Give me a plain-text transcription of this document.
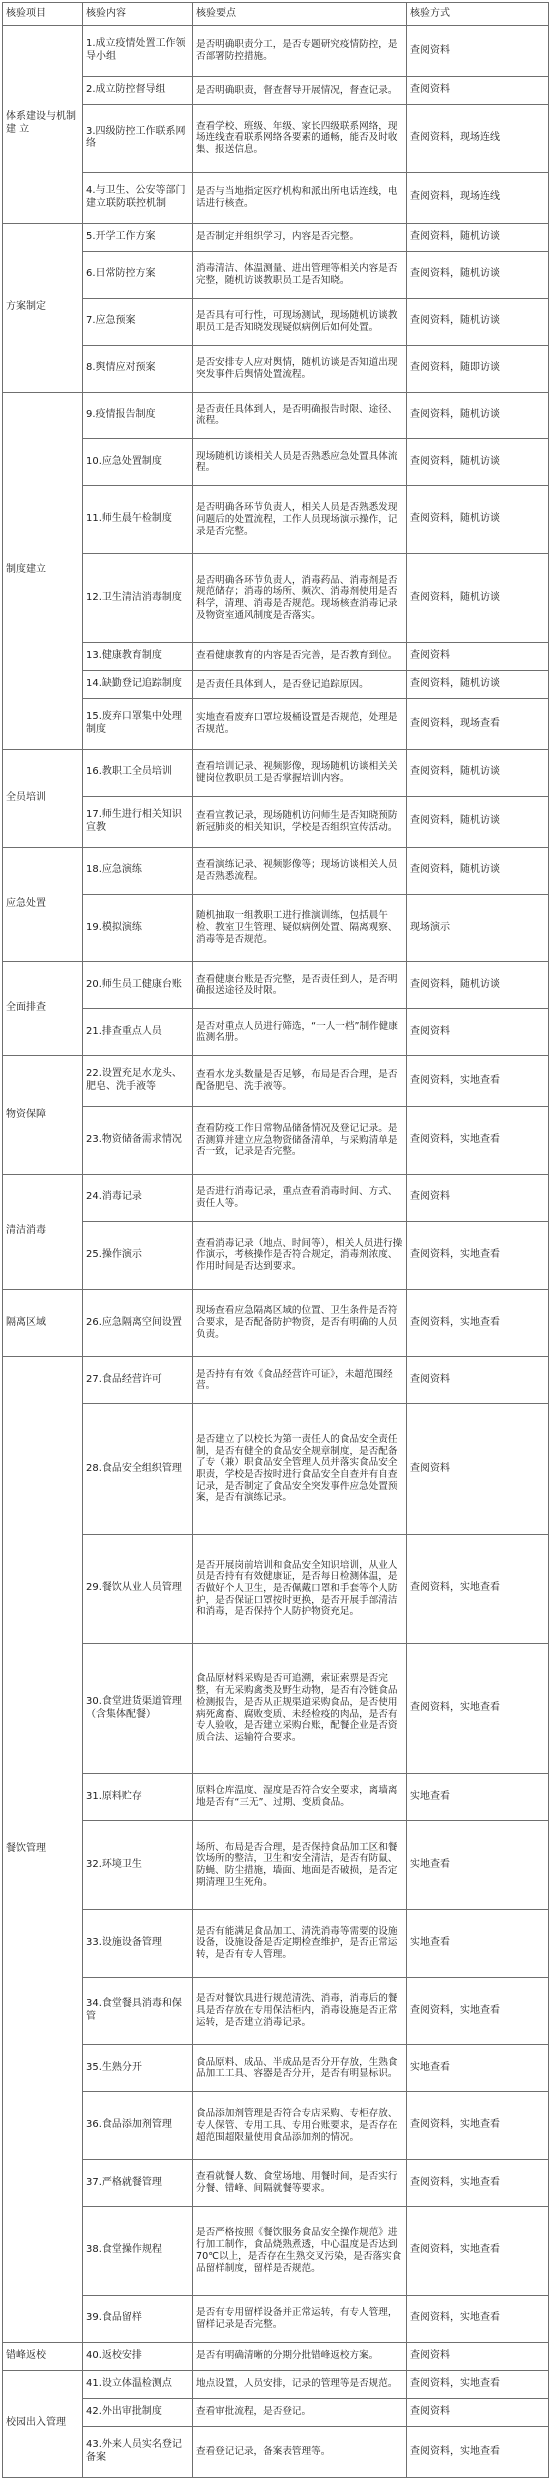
核验项目	核验内容	核验要点	核验方式
体系建设与机制建 立	1.成立疫情处置工作领导小组	是否明确职责分工，是否专题研究疫情防控，是否部署防控措施。	查阅资料
	2.成立防控督导组	是否明确职责，督查督导开展情况，督查记录。	查阅资料
	3.四级防控工作联系网络	查看学校、班级、年级、家长四级联系网络，现场连线查看联系网络各要素的通畅，能否及时收集、报送信息。	查阅资料，现场连线
	4.与卫生、公安等部门建立联防联控机制	是否与当地指定医疗机构和派出所电话连线，电话进行核查。	查阅资料，现场连线
方案制定	5.开学工作方案	是否制定并组织学习，内容是否完整。	查阅资料，随机访谈
	6.日常防控方案	消毒清洁、体温测量、进出管理等相关内容是否完整，随机访谈教职员工是否知晓。	查阅资料，随机访谈
	7.应急预案	是否具有可行性，可现场测试，现场随机访谈教职员工是否知晓发现疑似病例后如何处置。	查阅资料，随机访谈
	8.舆情应对预案	是否安排专人应对舆情，随机访谈是否知道出现突发事件后舆情处置流程。	查阅资料，随即访谈
制度建立	9.疫情报告制度	是否责任具体到人，是否明确报告时限、途径、流程。	查阅资料，随机访谈
	10.应急处置制度	现场随机访谈相关人员是否熟悉应急处置具体流程。	查阅资料，随机访谈
	11.师生晨午检制度	是否明确各环节负责人，相关人员是否熟悉发现问题后的处置流程，工作人员现场演示操作，记录是否完整。	查阅资料，随机访谈
	12.卫生清洁消毒制度	是否明确各环节负责人，消毒药品、消毒剂是否规范储存；消毒的场所、频次、消毒剂使用是否科学，清理、消毒是否规范。现场核查消毒记录及物资室通风制度是否落实。	查阅资料，随机访谈
	13.健康教育制度	查看健康教育的内容是否完善，是否教育到位。	查阅资料
	14.缺勤登记追踪制度	是否责任具体到人，是否登记追踪原因。	查阅资料，随机访谈
	15.废弃口罩集中处理制度	实地查看废弃口罩垃圾桶设置是否规范，处理是否规范。	查阅资料，现场查看
全员培训	16.教职工全员培训	查看培训记录、视频影像，现场随机访谈相关关键岗位教职员工是否掌握培训内容。	查阅资料，随机访谈
	17.师生进行相关知识宣教	查看宣教记录，现场随机访问师生是否知晓预防新冠肺炎的相关知识，学校是否组织宣传活动。	查阅资料，随机访谈
应急处置	18.应急演练	查看演练记录、视频影像等；现场访谈相关人员是否熟悉流程。	查阅资料，随机访谈
	19.模拟演练	随机抽取一组教职工进行推演训练，包括晨午检、教室卫生管理、疑似病例处置、隔离观察、消毒等是否规范。	现场演示
全面排查	20.师生员工健康台账	查看健康台账是否完整，是否责任到人，是否明确报送途径及时限。	查阅资料，随机访谈
	21.排查重点人员	是否对重点人员进行筛选，“一人一档”制作健康监测名册。	查阅资料
物资保障	22.设置充足水龙头、肥皂、洗手液等	查看水龙头数量是否足够，布局是否合理，是否配备肥皂、洗手液等。	查阅资料，实地查看
	23.物资储备需求情况	查看防疫工作日常物品储备情况及登记记录。是否测算并建立应急物资储备清单，与采购清单是否一致，记录是否完整。	查阅资料，实地查看
清洁消毒	24.消毒记录	是否进行消毒记录，重点查看消毒时间、方式、责任人等。	查阅资料
	25.操作演示	查看消毒记录（地点、时间等），相关人员进行操作演示，考核操作是否符合规定，消毒剂浓度、作用时间是否达到要求。	查阅资料，实地查看
隔离区域	26.应急隔离空间设置	现场查看应急隔离区域的位置、卫生条件是否符合要求，是否配备防护物资，是否有明确的人员负责。	查阅资料，实地查看
餐饮管理	27.食品经营许可	是否持有有效《食品经营许可证》，未超范围经营。	查阅资料
	28.食品安全组织管理	是否建立了以校长为第一责任人的食品安全责任制，是否有健全的食品安全规章制度，是否配备了专（兼）职食品安全管理人员并落实食品安全职责，学校是否按时进行食品安全自查并有自查记录，是否制定了食品安全突发事件应急处置预案，是否有演练记录。	查阅资料
	29.餐饮从业人员管理	是否开展岗前培训和食品安全知识培训，从业人员是否持有有效健康证，是否每日检测体温，是否做好个人卫生，是否佩戴口罩和手套等个人防护，是否保证口罩按时更换，是否开展手部清洁和消毒，是否保持个人防护物资充足。	查阅资料，实地查看
	30.食堂进货渠道管理（含集体配餐）	食品原材料采购是否可追溯，索证索票是否完整，有无采购禽类及野生动物，是否有冷链食品检测报告，是否从正规渠道采购食品，是否使用病死禽畜、腐败变质、未经检疫的肉品，是否有专人验收，是否建立采购台账，配餐企业是否资质合法、运输符合要求。	查阅资料，实地查看
	31.原料贮存	原料仓库温度、湿度是否符合安全要求，离墙离地是否有“三无”、过期、变质食品。	实地查看
	32.环境卫生	场所、布局是否合理，是否保持食品加工区和餐饮场所的整洁，卫生和安全清洁，是否有防鼠、防蝇、防尘措施，墙面、地面是否破损，是否定期清理卫生死角。	实地查看
	33.设施设备管理	是否有能满足食品加工、清洗消毒等需要的设施设备，设施设备是否定期检查维护，是否正常运转，是否有专人管理。	实地查看
	34.食堂餐具消毒和保管	是否对餐饮具进行规范清洗、消毒，消毒后的餐具是否存放在专用保洁柜内，消毒设施是否正常运转，是否建立消毒记录。	查阅资料，实地查看
	35.生熟分开	食品原料、成品、半成品是否分开存放，生熟食品加工工具、容器是否分开，是否有明显标识。	实地查看
	36.食品添加剂管理	食品添加剂管理是否符合专店采购、专柜存放、专人保管、专用工具、专用台账要求，是否存在超范围超限量使用食品添加剂的情况。	查阅资料，实地查看
	37.严格就餐管理	查看就餐人数、食堂场地、用餐时间，是否实行分餐、错峰、间隔就餐等要求。	查阅资料，实地查看
	38.食堂操作规程	是否严格按照《餐饮服务食品安全操作规范》进行加工制作，食品烧熟煮透，中心温度是否达到70℃以上，是否存在生熟交叉污染，是否落实食品留样制度，留样是否规范。	查阅资料，实地查看
	39.食品留样	是否有专用留样设备并正常运转，有专人管理，留样记录是否完整。	查阅资料，实地查看
错峰返校	40.返校安排	是否有明确清晰的分期分批错峰返校方案。	查阅资料
校园出入管理	41.设立体温检测点	地点设置，人员安排，记录的管理等是否规范。	查阅资料，实地查看
	42.外出审批制度	查看审批流程，是否登记。	查阅资料
	43.外来人员实名登记备案	查看登记记录，备案表管理等。	查阅资料，实地查看
